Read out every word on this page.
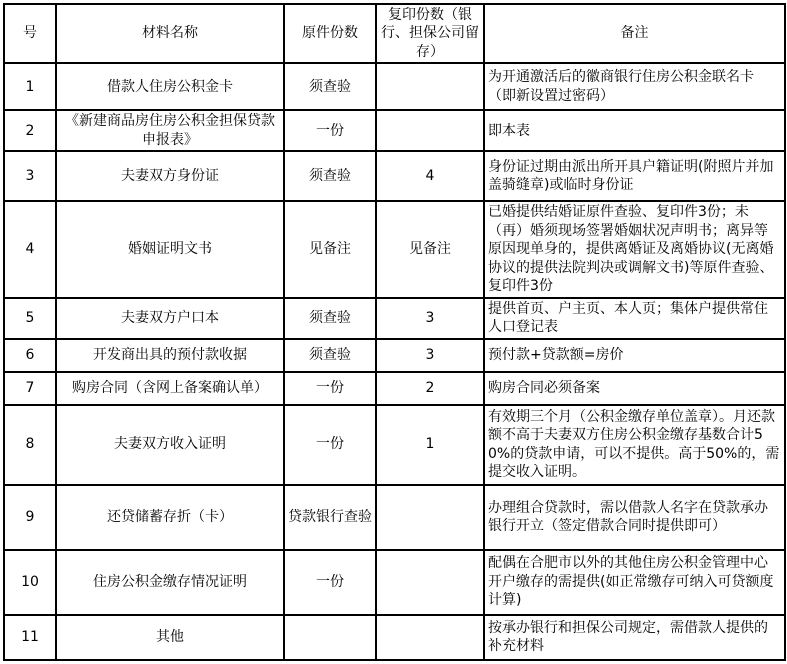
号	材料名称	原件份数	复印份数（银行、担保公司留存）	备注
1	借款人住房公积金卡	须查验		为开通激活后的徽商银行住房公积金联名卡（即新设置过密码）
2	《新建商品房住房公积金担保贷款申报表》	一份		即本表
3	夫妻双方身份证	须查验	4	身份证过期由派出所开具户籍证明(附照片并加盖骑缝章)或临时身份证
4	婚姻证明文书	见备注	见备注	已婚提供结婚证原件查验、复印件3份；未（再）婚须现场签署婚姻状况声明书；离异等原因现单身的，提供离婚证及离婚协议(无离婚协议的提供法院判决或调解文书)等原件查验、复印件3份
5	夫妻双方户口本	须查验	3	提供首页、户主页、本人页；集体户提供常住人口登记表
6	开发商出具的预付款收据	须查验	3	预付款+贷款额=房价
7	购房合同（含网上备案确认单）	一份	2	购房合同必须备案
8	夫妻双方收入证明	一份	1	有效期三个月（公积金缴存单位盖章）。月还款额不高于夫妻双方住房公积金缴存基数合计50%的贷款申请，可以不提供。高于50%的，需提交收入证明。
9	还贷储蓄存折（卡）	贷款银行查验		办理组合贷款时，需以借款人名字在贷款承办银行开立（签定借款合同时提供即可）
10	住房公积金缴存情况证明	一份		配偶在合肥市以外的其他住房公积金管理中心开户缴存的需提供(如正常缴存可纳入可贷额度计算)
11	其他			按承办银行和担保公司规定，需借款人提供的补充材料
